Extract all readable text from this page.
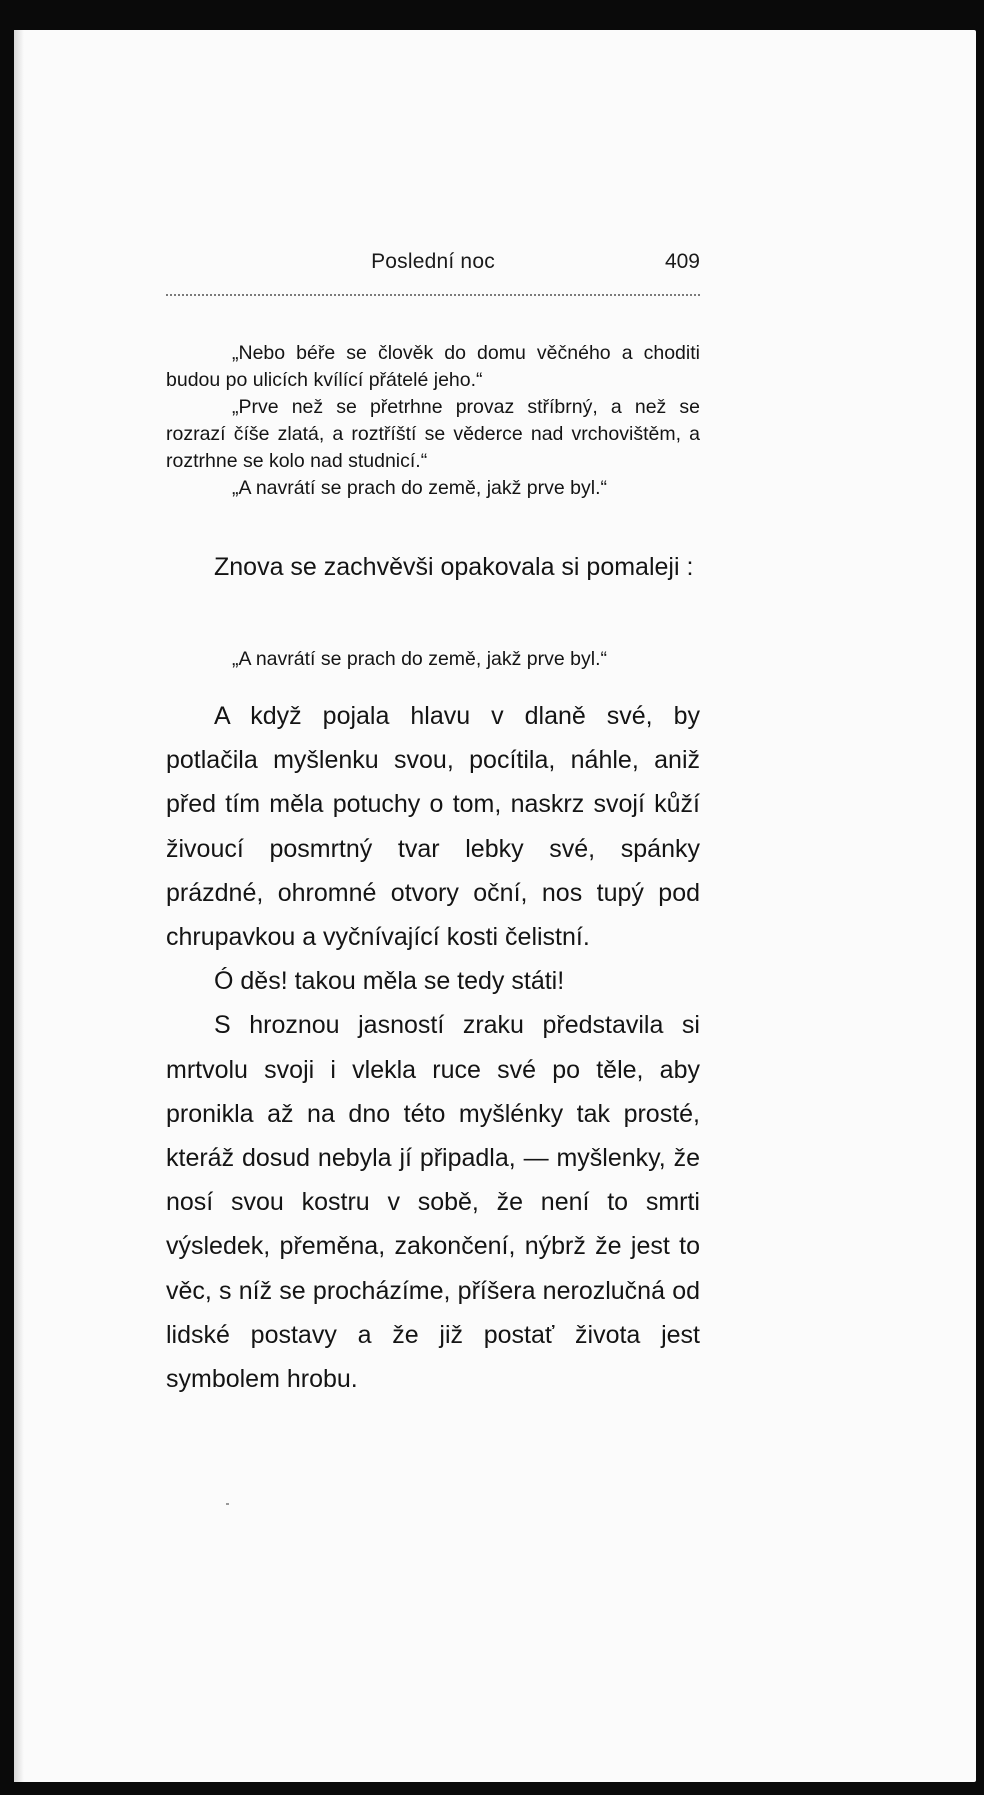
Poslední noc	409

„Nebo béře se člověk do domu věčného a choditi budou po ulicích kvílící přátelé jeho.“

„Prve než se přetrhne provaz stříbrný, a než se rozrazí číše zlatá, a roztříští se věderce nad vrchovištěm, a roztrhne se kolo nad studnicí.“

„A navrátí se prach do země, jakž prve byl.“

Znova se zachvěvši opakovala si pomaleji :

„A navrátí se prach do země, jakž prve byl.“

A když pojala hlavu v dlaně své, by potlačila myšlenku svou, pocítila, náhle, aniž před tím měla potuchy o tom, naskrz svojí kůží živoucí posmrtný tvar lebky své, spánky prázdné, ohromné otvory oční, nos tupý pod chrupavkou a vyčnívající kosti čelistní.

Ó děs! takou měla se tedy státi!

S hroznou jasností zraku představila si mrtvolu svoji i vlekla ruce své po těle, aby pronikla až na dno této myšlénky tak prosté, kteráž dosud nebyla jí připadla, — myšlenky, že nosí svou kostru v sobě, že není to smrti výsledek, přeměna, zakončení, nýbrž že jest to věc, s níž se procházíme, příšera nerozlučná od lidské postavy a že již postať života jest symbolem hrobu.
